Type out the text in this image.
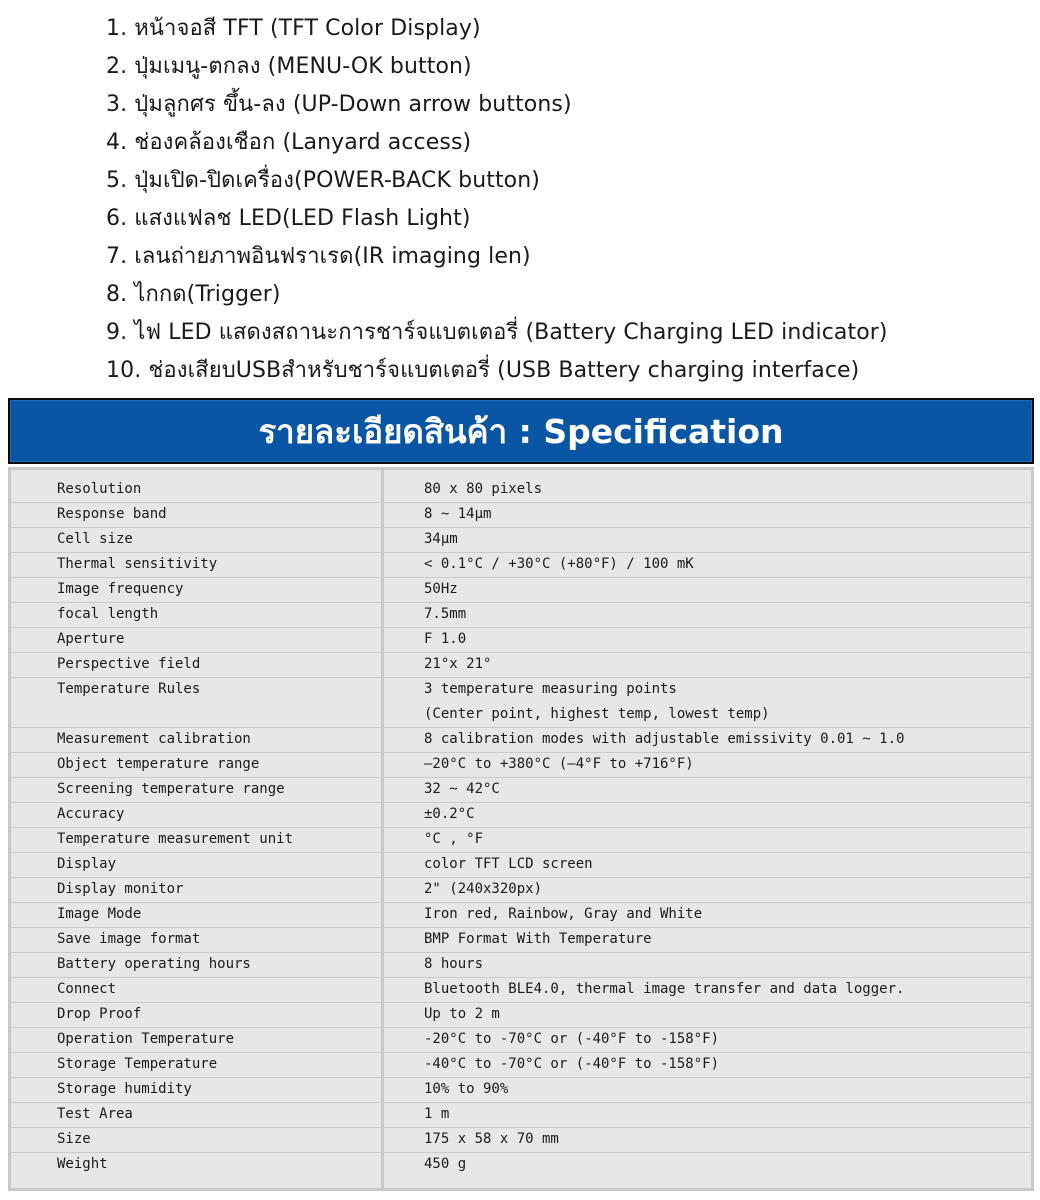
1. หน้าจอสี TFT (TFT Color Display)
2. ปุ่มเมนู-ตกลง (MENU-OK button)
3. ปุ่มลูกศร ขึ้น-ลง (UP-Down arrow buttons)
4. ช่องคล้องเชือก (Lanyard access)
5. ปุ่มเปิด-ปิดเครื่อง(POWER-BACK button)
6. แสงแฟลช LED(LED Flash Light)
7. เลนถ่ายภาพอินฟราเรด(IR imaging len)
8. ไกกด(Trigger)
9. ไฟ LED แสดงสถานะการชาร์จแบตเตอรี่ (Battery Charging LED indicator)
10. ช่องเสียบUSBสำหรับชาร์จแบตเตอรี่ (USB Battery charging interface)
รายละเอียดสินค้า : Specification
Resolution	80 x 80 pixels
Response band	8 ~ 14μm
Cell size	34μm
Thermal sensitivity	< 0.1°C / +30°C (+80°F) / 100 mK
Image frequency	50Hz
focal length	7.5mm
Aperture	F 1.0
Perspective field	21°x 21°
Temperature Rules	3 temperature measuring points
(Center point, highest temp, lowest temp)
Measurement calibration	8 calibration modes with adjustable emissivity 0.01 ~ 1.0
Object temperature range	–20°C to +380°C (–4°F to +716°F)
Screening temperature range	32 ~ 42°C
Accuracy	±0.2°C
Temperature measurement unit	°C , °F
Display	color TFT LCD screen
Display monitor	2" (240x320px)
Image Mode	Iron red, Rainbow, Gray and White
Save image format	BMP Format With Temperature
Battery operating hours	8 hours
Connect	Bluetooth BLE4.0, thermal image transfer and data logger.
Drop Proof	Up to 2 m
Operation Temperature	-20°C to -70°C or (-40°F to -158°F)
Storage Temperature	-40°C to -70°C or (-40°F to -158°F)
Storage humidity	10% to 90%
Test Area	1 m
Size	175 x 58 x 70 mm
Weight	450 g
